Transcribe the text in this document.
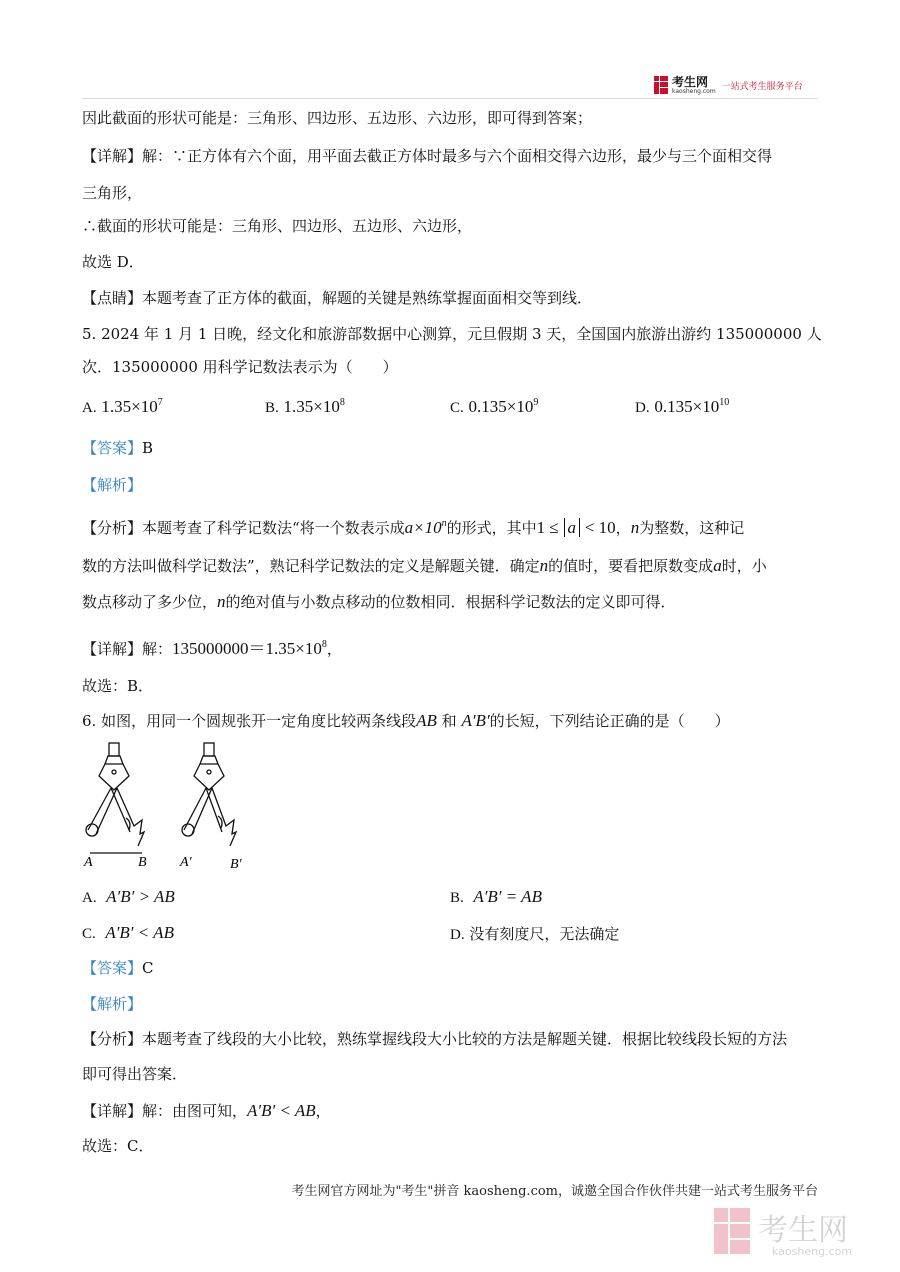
考生网
kaosheng.com 一站式考生服务平台
因此截面的形状可能是：三角形、四边形、五边形、六边形，即可得到答案；
【详解】解：∵正方体有六个面，用平面去截正方体时最多与六个面相交得六边形，最少与三个面相交得
三角形，
∴截面的形状可能是：三角形、四边形、五边形、六边形，
故选 D．
【点睛】本题考查了正方体的截面，解题的关键是熟练掌握面面相交等到线．
5. 2024 年 1 月 1 日晚，经文化和旅游部数据中心测算，元旦假期 3 天，全国国内旅游出游约 135000000 人
次．135000000 用科学记数法表示为（　　）
A. $1.35\times 10^7$	B. $1.35\times 10^8$	C. $0.135\times 10^9$	D. $0.135\times 10^{10}$
【答案】B
【解析】
【分析】本题考查了科学记数法“将一个数表示成$a\times 10^n$的形式，其中1 ≤ a < 10，n为整数，这种记
数的方法叫做科学记数法”，熟记科学记数法的定义是解题关键．确定n的值时，要看把原数变成a时，小
数点移动了多少位，n的绝对值与小数点移动的位数相同．根据科学记数法的定义即可得．
【详解】解：$135000000=1.35\times 10^8$，
故选：B．
6. 如图，用同一个圆规张开一定角度比较两条线段AB 和 A′B′的长短，下列结论正确的是（　　）
A	B A′	B′
A. A′B′ > AB	B. A′B′ = AB
C. A′B′ < AB	D. 没有刻度尺，无法确定
【答案】C
【解析】
【分析】本题考查了线段的大小比较，熟练掌握线段大小比较的方法是解题关键．根据比较线段长短的方法
即可得出答案．
【详解】解：由图可知，A′B′ < AB，
故选：C．
考生网官方网址为"考生"拼音 kaosheng.com，诚邀全国合作伙伴共建一站式考生服务平台
考生网
kaosheng.com
